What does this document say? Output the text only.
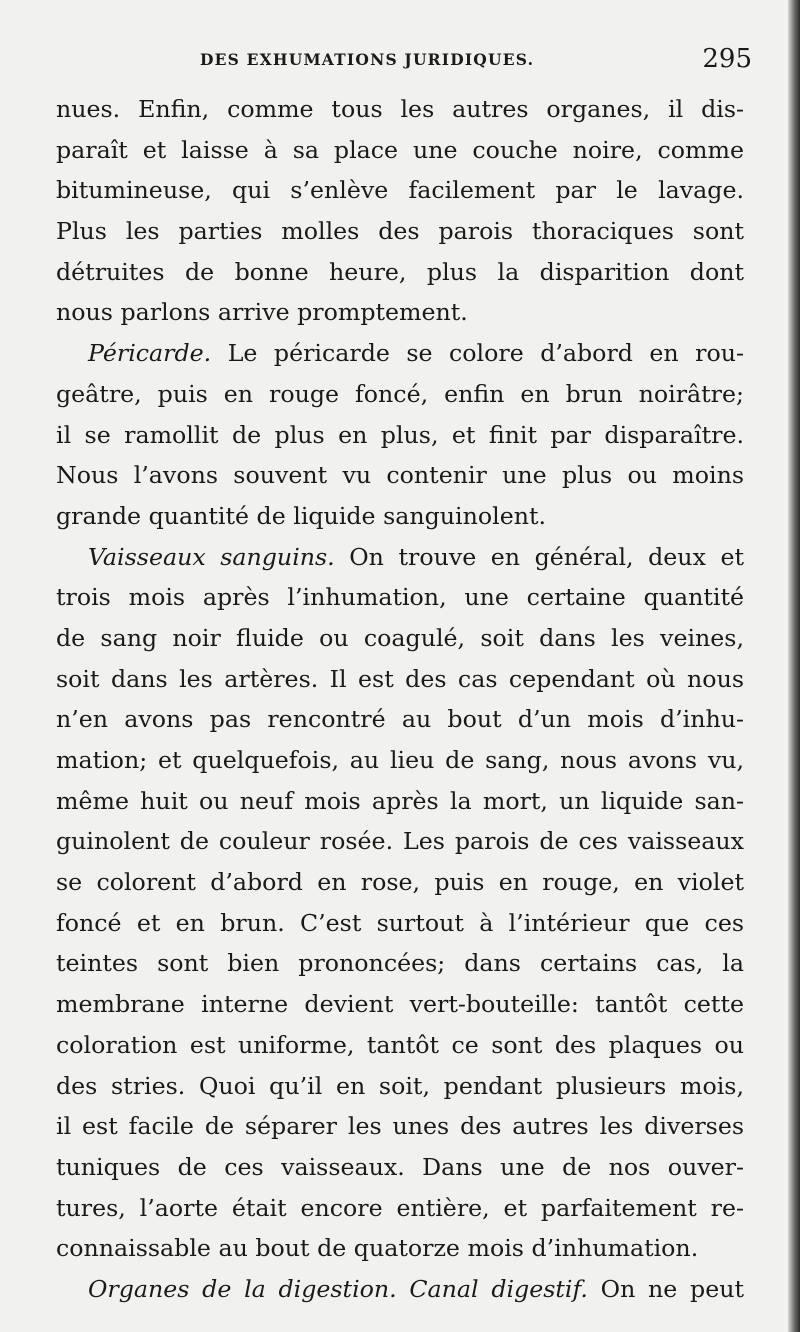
DES EXHUMATIONS JURIDIQUES.	295
nues. Enfin, comme tous les autres organes, il dis-
paraît et laisse à sa place une couche noire, comme
bitumineuse, qui s’enlève facilement par le lavage.
Plus les parties molles des parois thoraciques sont
détruites de bonne heure, plus la disparition dont
nous parlons arrive promptement.
Péricarde. Le péricarde se colore d’abord en rou-
geâtre, puis en rouge foncé, enfin en brun noirâtre;
il se ramollit de plus en plus, et finit par disparaître.
Nous l’avons souvent vu contenir une plus ou moins
grande quantité de liquide sanguinolent.
Vaisseaux sanguins. On trouve en général, deux et
trois mois après l’inhumation, une certaine quantité
de sang noir fluide ou coagulé, soit dans les veines,
soit dans les artères. Il est des cas cependant où nous
n’en avons pas rencontré au bout d’un mois d’inhu-
mation; et quelquefois, au lieu de sang, nous avons vu,
même huit ou neuf mois après la mort, un liquide san-
guinolent de couleur rosée. Les parois de ces vaisseaux
se colorent d’abord en rose, puis en rouge, en violet
foncé et en brun. C’est surtout à l’intérieur que ces
teintes sont bien prononcées; dans certains cas, la
membrane interne devient vert-bouteille: tantôt cette
coloration est uniforme, tantôt ce sont des plaques ou
des stries. Quoi qu’il en soit, pendant plusieurs mois,
il est facile de séparer les unes des autres les diverses
tuniques de ces vaisseaux. Dans une de nos ouver-
tures, l’aorte était encore entière, et parfaitement re-
connaissable au bout de quatorze mois d’inhumation.
Organes de la digestion. Canal digestif. On ne peut
